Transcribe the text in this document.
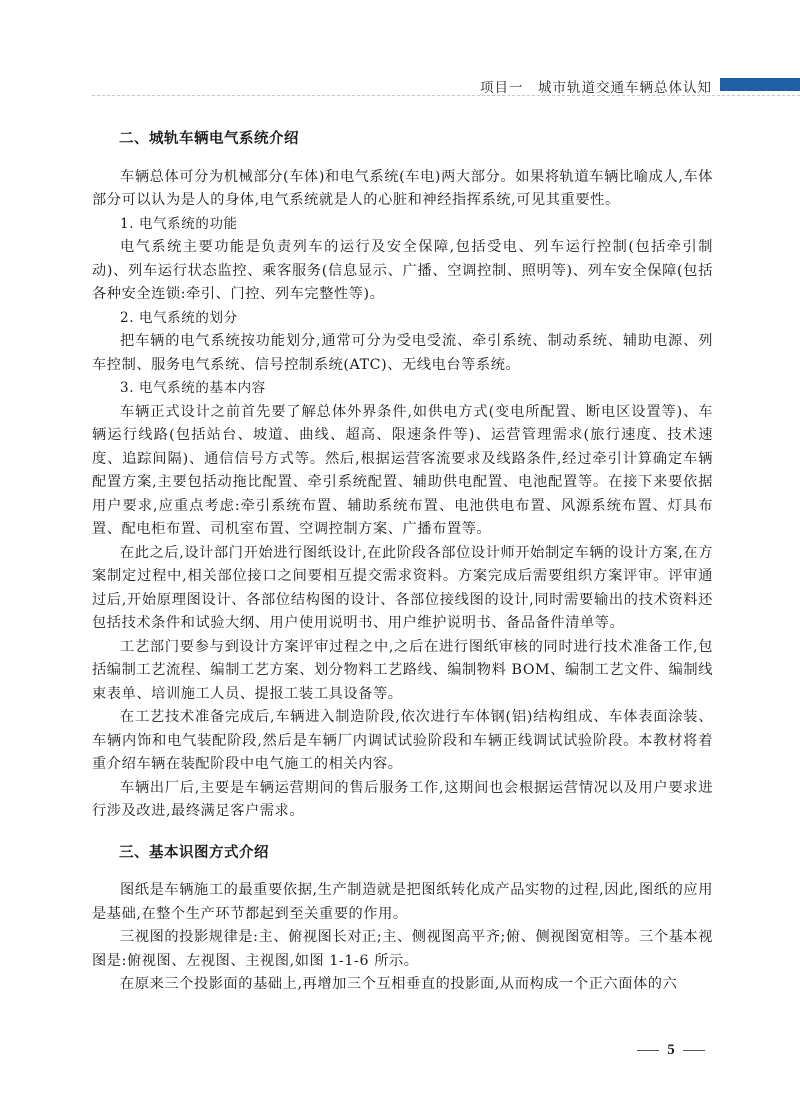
项目一　城市轨道交通车辆总体认知
二、城轨车辆电气系统介绍

车辆总体可分为机械部分(车体)和电气系统(车电)两大部分。如果将轨道车辆比喻成人,车体部分可以认为是人的身体,电气系统就是人的心脏和神经指挥系统,可见其重要性。

1. 电气系统的功能

电气系统主要功能是负责列车的运行及安全保障,包括受电、列车运行控制(包括牵引制动)、列车运行状态监控、乘客服务(信息显示、广播、空调控制、照明等)、列车安全保障(包括各种安全连锁:牵引、门控、列车完整性等)。

2. 电气系统的划分

把车辆的电气系统按功能划分,通常可分为受电受流、牵引系统、制动系统、辅助电源、列车控制、服务电气系统、信号控制系统(ATC)、无线电台等系统。

3. 电气系统的基本内容

车辆正式设计之前首先要了解总体外界条件,如供电方式(变电所配置、断电区设置等)、车辆运行线路(包括站台、坡道、曲线、超高、限速条件等)、运营管理需求(旅行速度、技术速度、追踪间隔)、通信信号方式等。然后,根据运营客流要求及线路条件,经过牵引计算确定车辆配置方案,主要包括动拖比配置、牵引系统配置、辅助供电配置、电池配置等。在接下来要依据用户要求,应重点考虑:牵引系统布置、辅助系统布置、电池供电布置、风源系统布置、灯具布置、配电柜布置、司机室布置、空调控制方案、广播布置等。

在此之后,设计部门开始进行图纸设计,在此阶段各部位设计师开始制定车辆的设计方案,在方案制定过程中,相关部位接口之间要相互提交需求资料。方案完成后需要组织方案评审。评审通过后,开始原理图设计、各部位结构图的设计、各部位接线图的设计,同时需要输出的技术资料还包括技术条件和试验大纲、用户使用说明书、用户维护说明书、备品备件清单等。

工艺部门要参与到设计方案评审过程之中,之后在进行图纸审核的同时进行技术准备工作,包括编制工艺流程、编制工艺方案、划分物料工艺路线、编制物料 BOM、编制工艺文件、编制线束表单、培训施工人员、提报工装工具设备等。

在工艺技术准备完成后,车辆进入制造阶段,依次进行车体钢(铝)结构组成、车体表面涂装、车辆内饰和电气装配阶段,然后是车辆厂内调试试验阶段和车辆正线调试试验阶段。本教材将着重介绍车辆在装配阶段中电气施工的相关内容。

车辆出厂后,主要是车辆运营期间的售后服务工作,这期间也会根据运营情况以及用户要求进行涉及改进,最终满足客户需求。

三、基本识图方式介绍

图纸是车辆施工的最重要依据,生产制造就是把图纸转化成产品实物的过程,因此,图纸的应用是基础,在整个生产环节都起到至关重要的作用。

三视图的投影规律是:主、俯视图长对正;主、侧视图高平齐;俯、侧视图宽相等。三个基本视图是:俯视图、左视图、主视图,如图 1-1-6 所示。

在原来三个投影面的基础上,再增加三个互相垂直的投影面,从而构成一个正六面体的六

5
